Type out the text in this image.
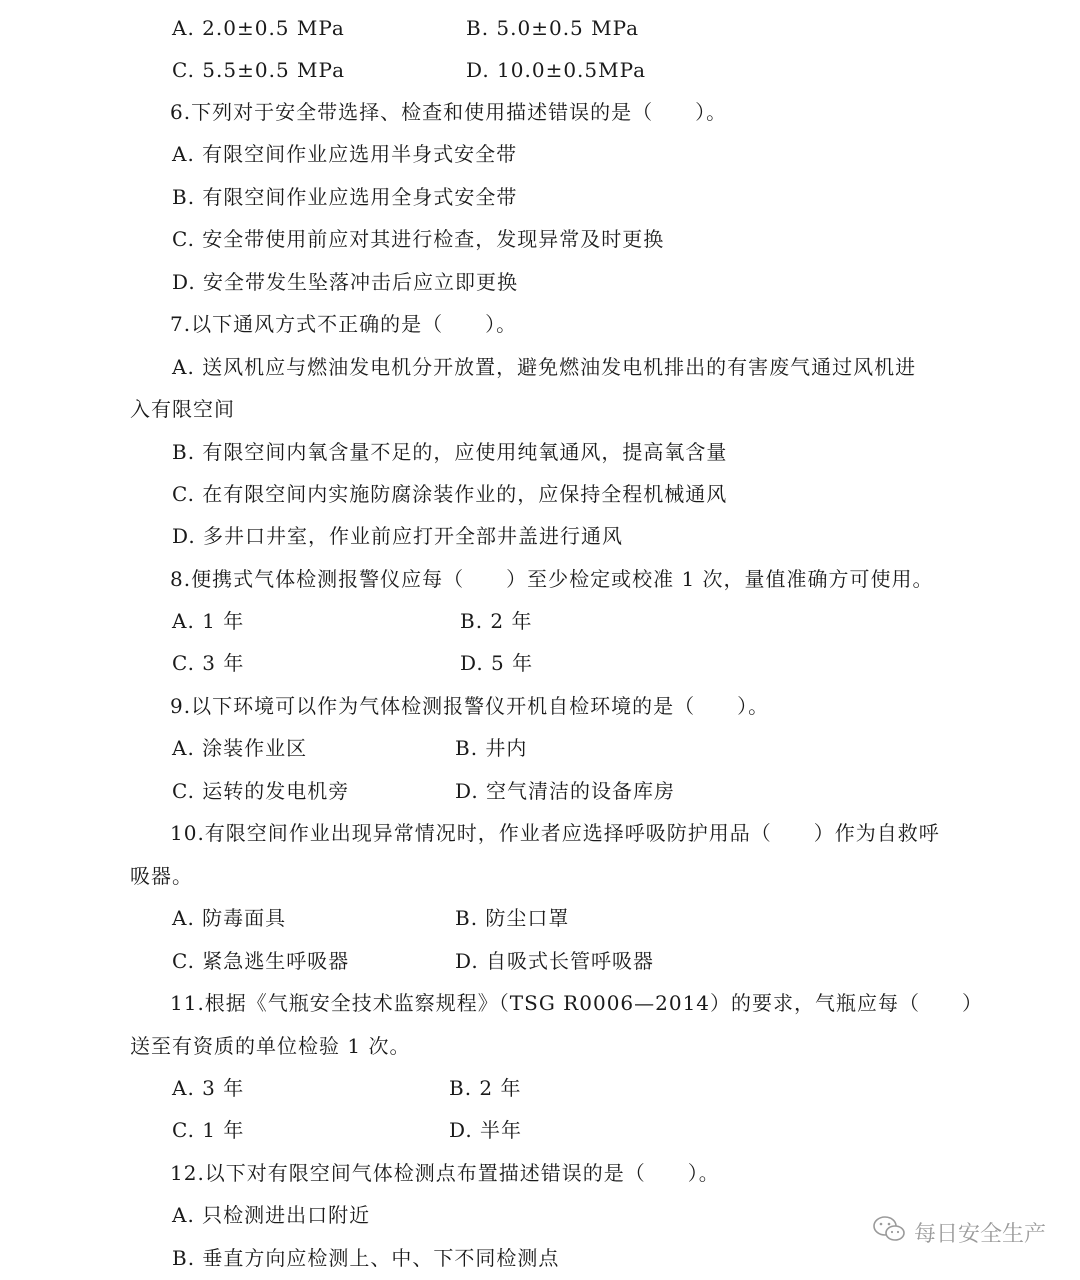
A. 2.0±0.5 MPa	B. 5.0±0.5 MPa
C. 5.5±0.5 MPa	D. 10.0±0.5MPa
6.下列对于安全带选择、检查和使用描述错误的是（　　）。
A. 有限空间作业应选用半身式安全带
B. 有限空间作业应选用全身式安全带
C. 安全带使用前应对其进行检查，发现异常及时更换
D. 安全带发生坠落冲击后应立即更换
7.以下通风方式不正确的是（　　）。
A. 送风机应与燃油发电机分开放置，避免燃油发电机排出的有害废气通过风机进
入有限空间
B. 有限空间内氧含量不足的，应使用纯氧通风，提高氧含量
C. 在有限空间内实施防腐涂装作业的，应保持全程机械通风
D. 多井口井室，作业前应打开全部井盖进行通风
8.便携式气体检测报警仪应每（　　）至少检定或校准 1 次，量值准确方可使用。
A. 1 年	B. 2 年
C. 3 年	D. 5 年
9.以下环境可以作为气体检测报警仪开机自检环境的是（　　）。
A. 涂装作业区	B. 井内
C. 运转的发电机旁	D. 空气清洁的设备库房
10.有限空间作业出现异常情况时，作业者应选择呼吸防护用品（　　）作为自救呼
吸器。
A. 防毒面具	B. 防尘口罩
C. 紧急逃生呼吸器	D. 自吸式长管呼吸器
11.根据《气瓶安全技术监察规程》（TSG R0006—2014）的要求，气瓶应每（　　）
送至有资质的单位检验 1 次。
A. 3 年	B. 2 年
C. 1 年	D. 半年
12.以下对有限空间气体检测点布置描述错误的是（　　）。
A. 只检测进出口附近
B. 垂直方向应检测上、中、下不同检测点
每日安全生产
